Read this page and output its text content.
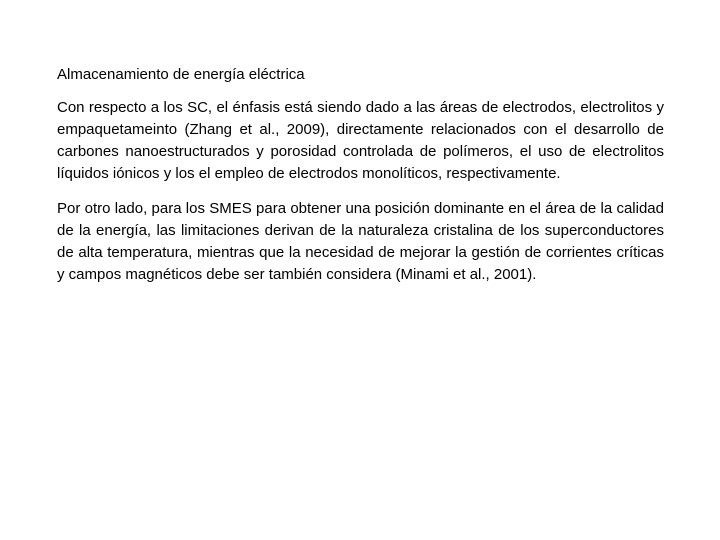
Almacenamiento de energía eléctrica

Con respecto a los SC, el énfasis está siendo dado a las áreas de electrodos, electrolitos y empaquetameinto (Zhang et al., 2009), directamente relacionados con el desarrollo de carbones nanoestructurados y porosidad controlada de polímeros, el uso de electrolitos líquidos iónicos y los el empleo de electrodos monolíticos, respectivamente.

Por otro lado, para los SMES para obtener una posición dominante en el área de la calidad de la energía, las limitaciones derivan de la naturaleza cristalina de los superconductores de alta temperatura, mientras que la necesidad de mejorar la gestión de corrientes críticas y campos magnéticos debe ser también considera (Minami et al., 2001).
